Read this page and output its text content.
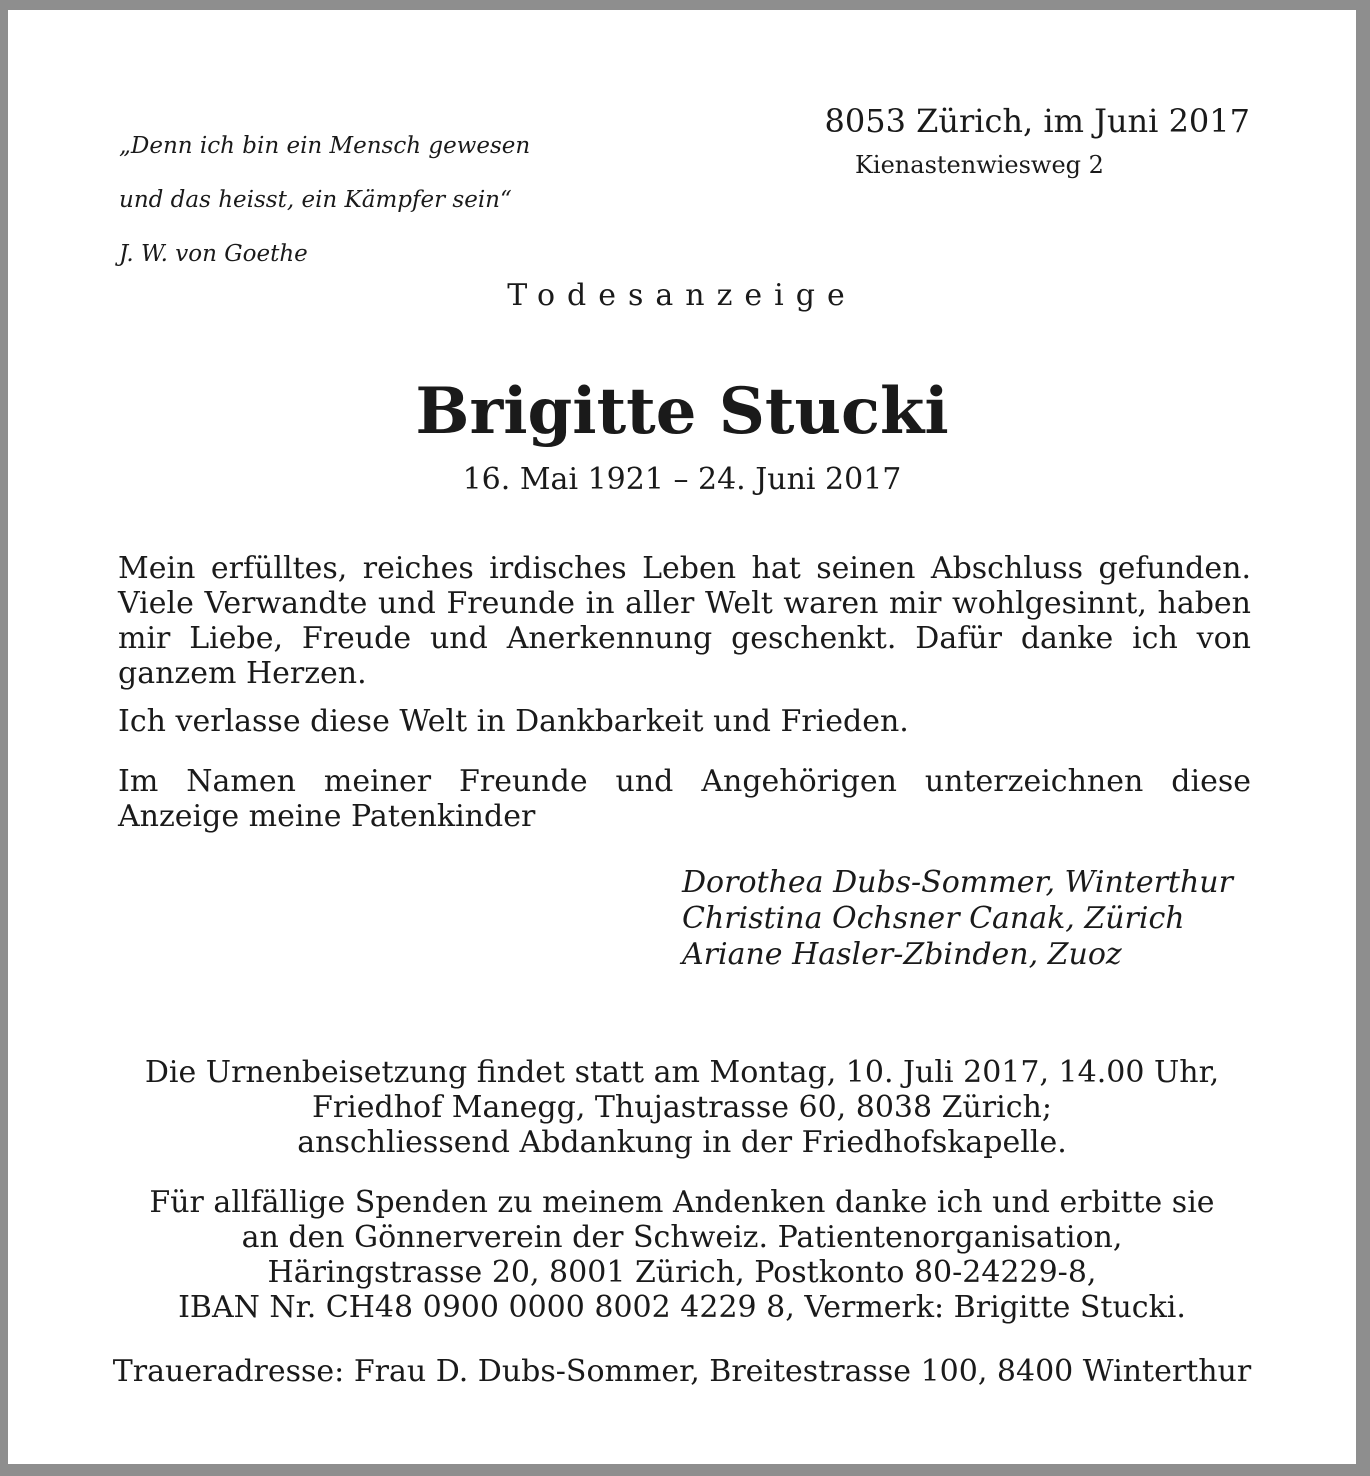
„Denn ich bin ein Mensch gewesen

und das heisst, ein Kämpfer sein“

J. W. von Goethe

8053 Zürich, im Juni 2017
Kienastenwiesweg 2
Todesanzeige
Brigitte Stucki
16. Mai 1921 – 24. Juni 2017
Mein erfülltes, reiches irdisches Leben hat seinen Abschluss gefunden. Viele Verwandte und Freunde in aller Welt waren mir wohlgesinnt, haben mir Liebe, Freude und Anerkennung geschenkt. Dafür danke ich von ganzem Herzen.
Ich verlasse diese Welt in Dankbarkeit und Frieden.
Im Namen meiner Freunde und Angehörigen unterzeichnen diese Anzeige meine Patenkinder
Dorothea Dubs-Sommer, Winterthur
Christina Ochsner Canak, Zürich
Ariane Hasler-Zbinden, Zuoz
Die Urnenbeisetzung findet statt am Montag, 10. Juli 2017, 14.00 Uhr,
Friedhof Manegg, Thujastrasse 60, 8038 Zürich;
anschliessend Abdankung in der Friedhofskapelle.
Für allfällige Spenden zu meinem Andenken danke ich und erbitte sie
an den Gönnerverein der Schweiz. Patientenorganisation,
Häringstrasse 20, 8001 Zürich, Postkonto 80-24229-8,
IBAN Nr. CH48 0900 0000 8002 4229 8, Vermerk: Brigitte Stucki.
Traueradresse: Frau D. Dubs-Sommer, Breitestrasse 100, 8400 Winterthur
